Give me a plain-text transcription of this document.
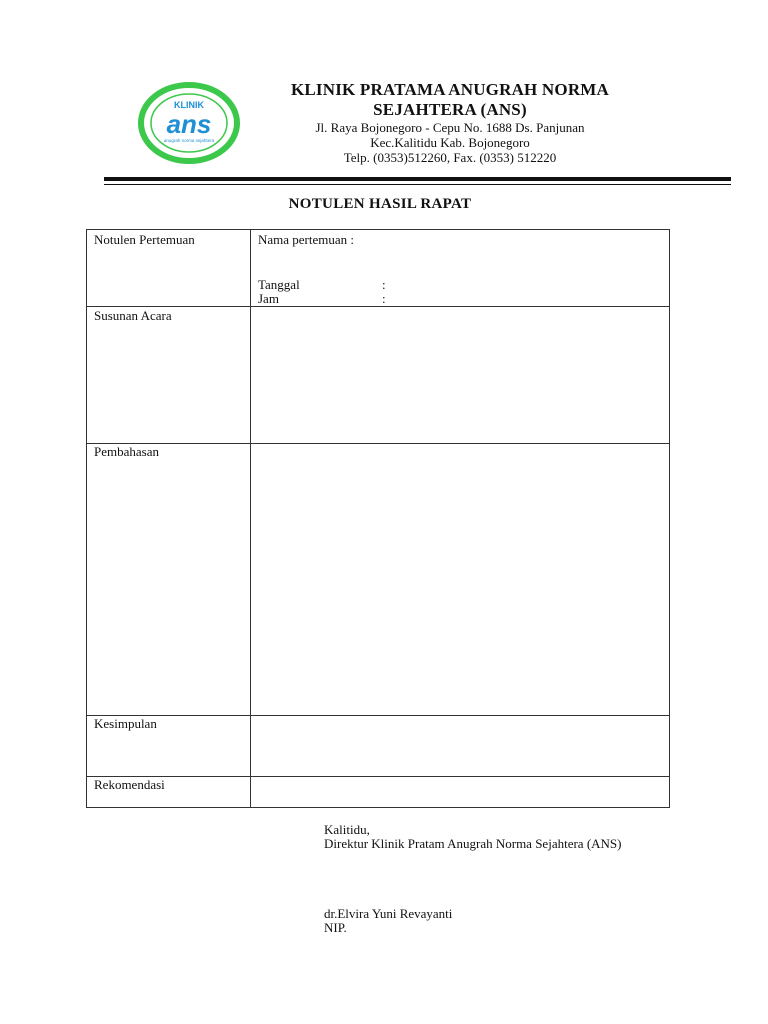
KLINIK
ans
anugrah norma sejahtera
KLINIK PRATAMA ANUGRAH NORMA
SEJAHTERA (ANS)
Jl. Raya Bojonegoro - Cepu No. 1688 Ds. Panjunan
Kec.Kalitidu Kab. Bojonegoro
Telp. (0353)512260, Fax. (0353) 512220
NOTULEN HASIL RAPAT
Notulen Pertemuan	Nama pertemuan :
Tanggal	:
Jam	:
Susunan Acara
Pembahasan
Kesimpulan
Rekomendasi
Kalitidu,
Direktur Klinik Pratam Anugrah Norma Sejahtera (ANS)
dr.Elvira Yuni Revayanti
NIP.
